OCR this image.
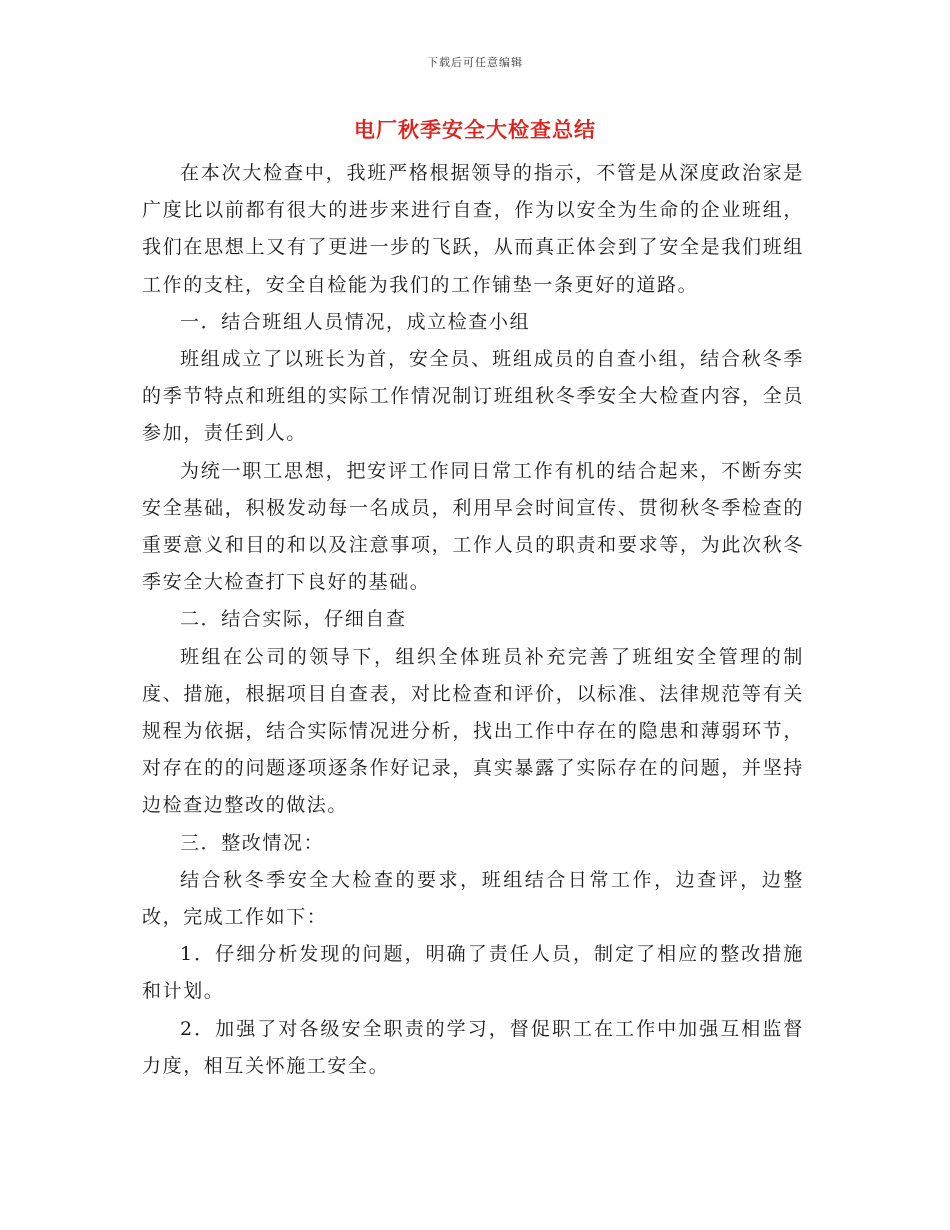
下载后可任意编辑
电厂秋季安全大检查总结

在本次大检查中，我班严格根据领导的指示，不管是从深度政治家是广度比以前都有很大的进步来进行自查，作为以安全为生命的企业班组，我们在思想上又有了更进一步的飞跃，从而真正体会到了安全是我们班组工作的支柱，安全自检能为我们的工作铺垫一条更好的道路。

一．结合班组人员情况，成立检查小组

班组成立了以班长为首，安全员、班组成员的自查小组，结合秋冬季的季节特点和班组的实际工作情况制订班组秋冬季安全大检查内容，全员参加，责任到人。

为统一职工思想，把安评工作同日常工作有机的结合起来，不断夯实安全基础，积极发动每一名成员，利用早会时间宣传、贯彻秋冬季检查的重要意义和目的和以及注意事项，工作人员的职责和要求等，为此次秋冬季安全大检查打下良好的基础。

二．结合实际，仔细自查

班组在公司的领导下，组织全体班员补充完善了班组安全管理的制度、措施，根据项目自查表，对比检查和评价，以标准、法律规范等有关规程为依据，结合实际情况进分析，找出工作中存在的隐患和薄弱环节，对存在的的问题逐项逐条作好记录，真实暴露了实际存在的问题，并坚持边检查边整改的做法。

三．整改情况：

结合秋冬季安全大检查的要求，班组结合日常工作，边查评，边整改，完成工作如下：

1．仔细分析发现的问题，明确了责任人员，制定了相应的整改措施和计划。

2．加强了对各级安全职责的学习，督促职工在工作中加强互相监督力度，相互关怀施工安全。
